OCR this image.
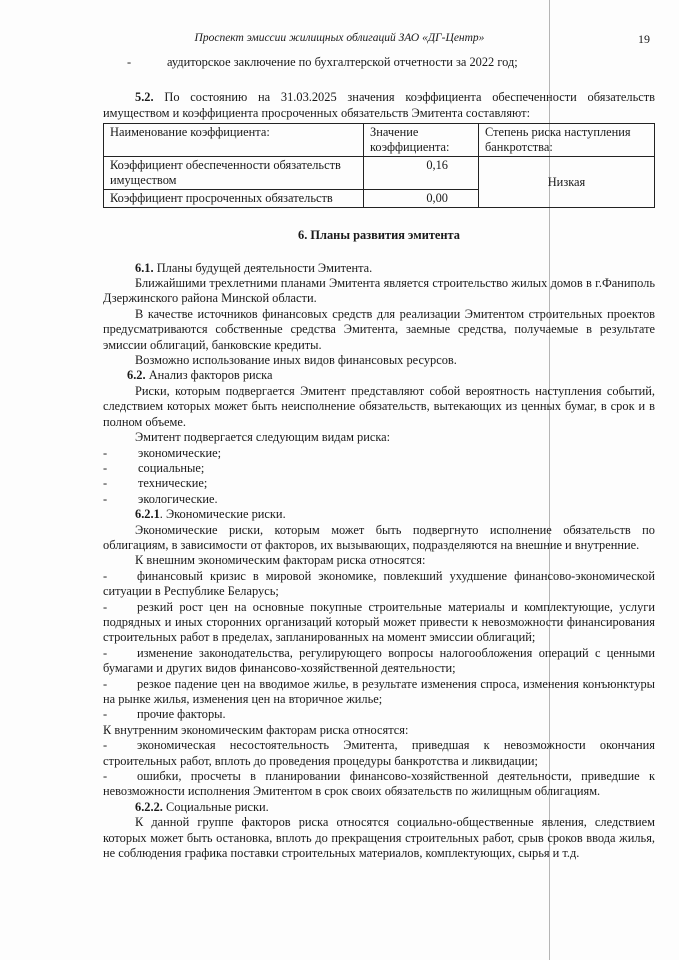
Проспект эмиссии жилищных облигаций ЗАО «ДГ-Центр»	19
-	аудиторское заключение по бухгалтерской отчетности за 2022 год;

5.2. По состоянию на 31.03.2025 значения коэффициента обеспеченности обязательств имуществом и коэффициента просроченных обязательств Эмитента составляют:

Наименование коэффициента:	Значение коэффициента:	Степень риска наступления банкротства:
Коэффициент обеспеченности обязательств имуществом	0,16	Низкая
Коэффициент просроченных обязательств	0,00	
6. Планы развития эмитента

6.1. Планы будущей деятельности Эмитента.

Ближайшими трехлетними планами Эмитента является строительство жилых домов в г.Фаниполь Дзержинского района Минской области.

В качестве источников финансовых средств для реализации Эмитентом строительных проектов предусматриваются собственные средства Эмитента, заемные средства, получаемые в результате эмиссии облигаций, банковские кредиты.

Возможно использование иных видов финансовых ресурсов.

6.2. Анализ факторов риска

Риски, которым подвергается Эмитент представляют собой вероятность наступления событий, следствием которых может быть неисполнение обязательств, вытекающих из ценных бумаг, в срок и в полном объеме.

Эмитент подвергается следующим видам риска:

-	экономические;
-	социальные;
-	технические;
-	экологические.

6.2.1. Экономические риски.

Экономические риски, которым может быть подвергнуто исполнение обязательств по облигациям, в зависимости от факторов, их вызывающих, подразделяются на внешние и внутренние.

К внешним экономическим факторам риска относятся:

- финансовый кризис в мировой экономике, повлекший ухудшение финансово-экономической ситуации в Республике Беларусь;

- резкий рост цен на основные покупные строительные материалы и комплектующие, услуги подрядных и иных сторонних организаций который может привести к невозможности финансирования строительных работ в пределах, запланированных на момент эмиссии облигаций;

- изменение законодательства, регулирующего вопросы налогообложения операций с ценными бумагами и других видов финансово-хозяйственной деятельности;

- резкое падение цен на вводимое жилье, в результате изменения спроса, изменения конъюнктуры на рынке жилья, изменения цен на вторичное жилье;

- прочие факторы.

К внутренним экономическим факторам риска относятся:

- экономическая несостоятельность Эмитента, приведшая к невозможности окончания строительных работ, вплоть до проведения процедуры банкротства и ликвидации;

- ошибки, просчеты в планировании финансово-хозяйственной деятельности, приведшие к невозможности исполнения Эмитентом в срок своих обязательств по жилищным облигациям.

6.2.2. Социальные риски.

К данной группе факторов риска относятся социально-общественные явления, следствием которых может быть остановка, вплоть до прекращения строительных работ, срыв сроков ввода жилья, не соблюдения графика поставки строительных материалов, комплектующих, сырья и т.д.
